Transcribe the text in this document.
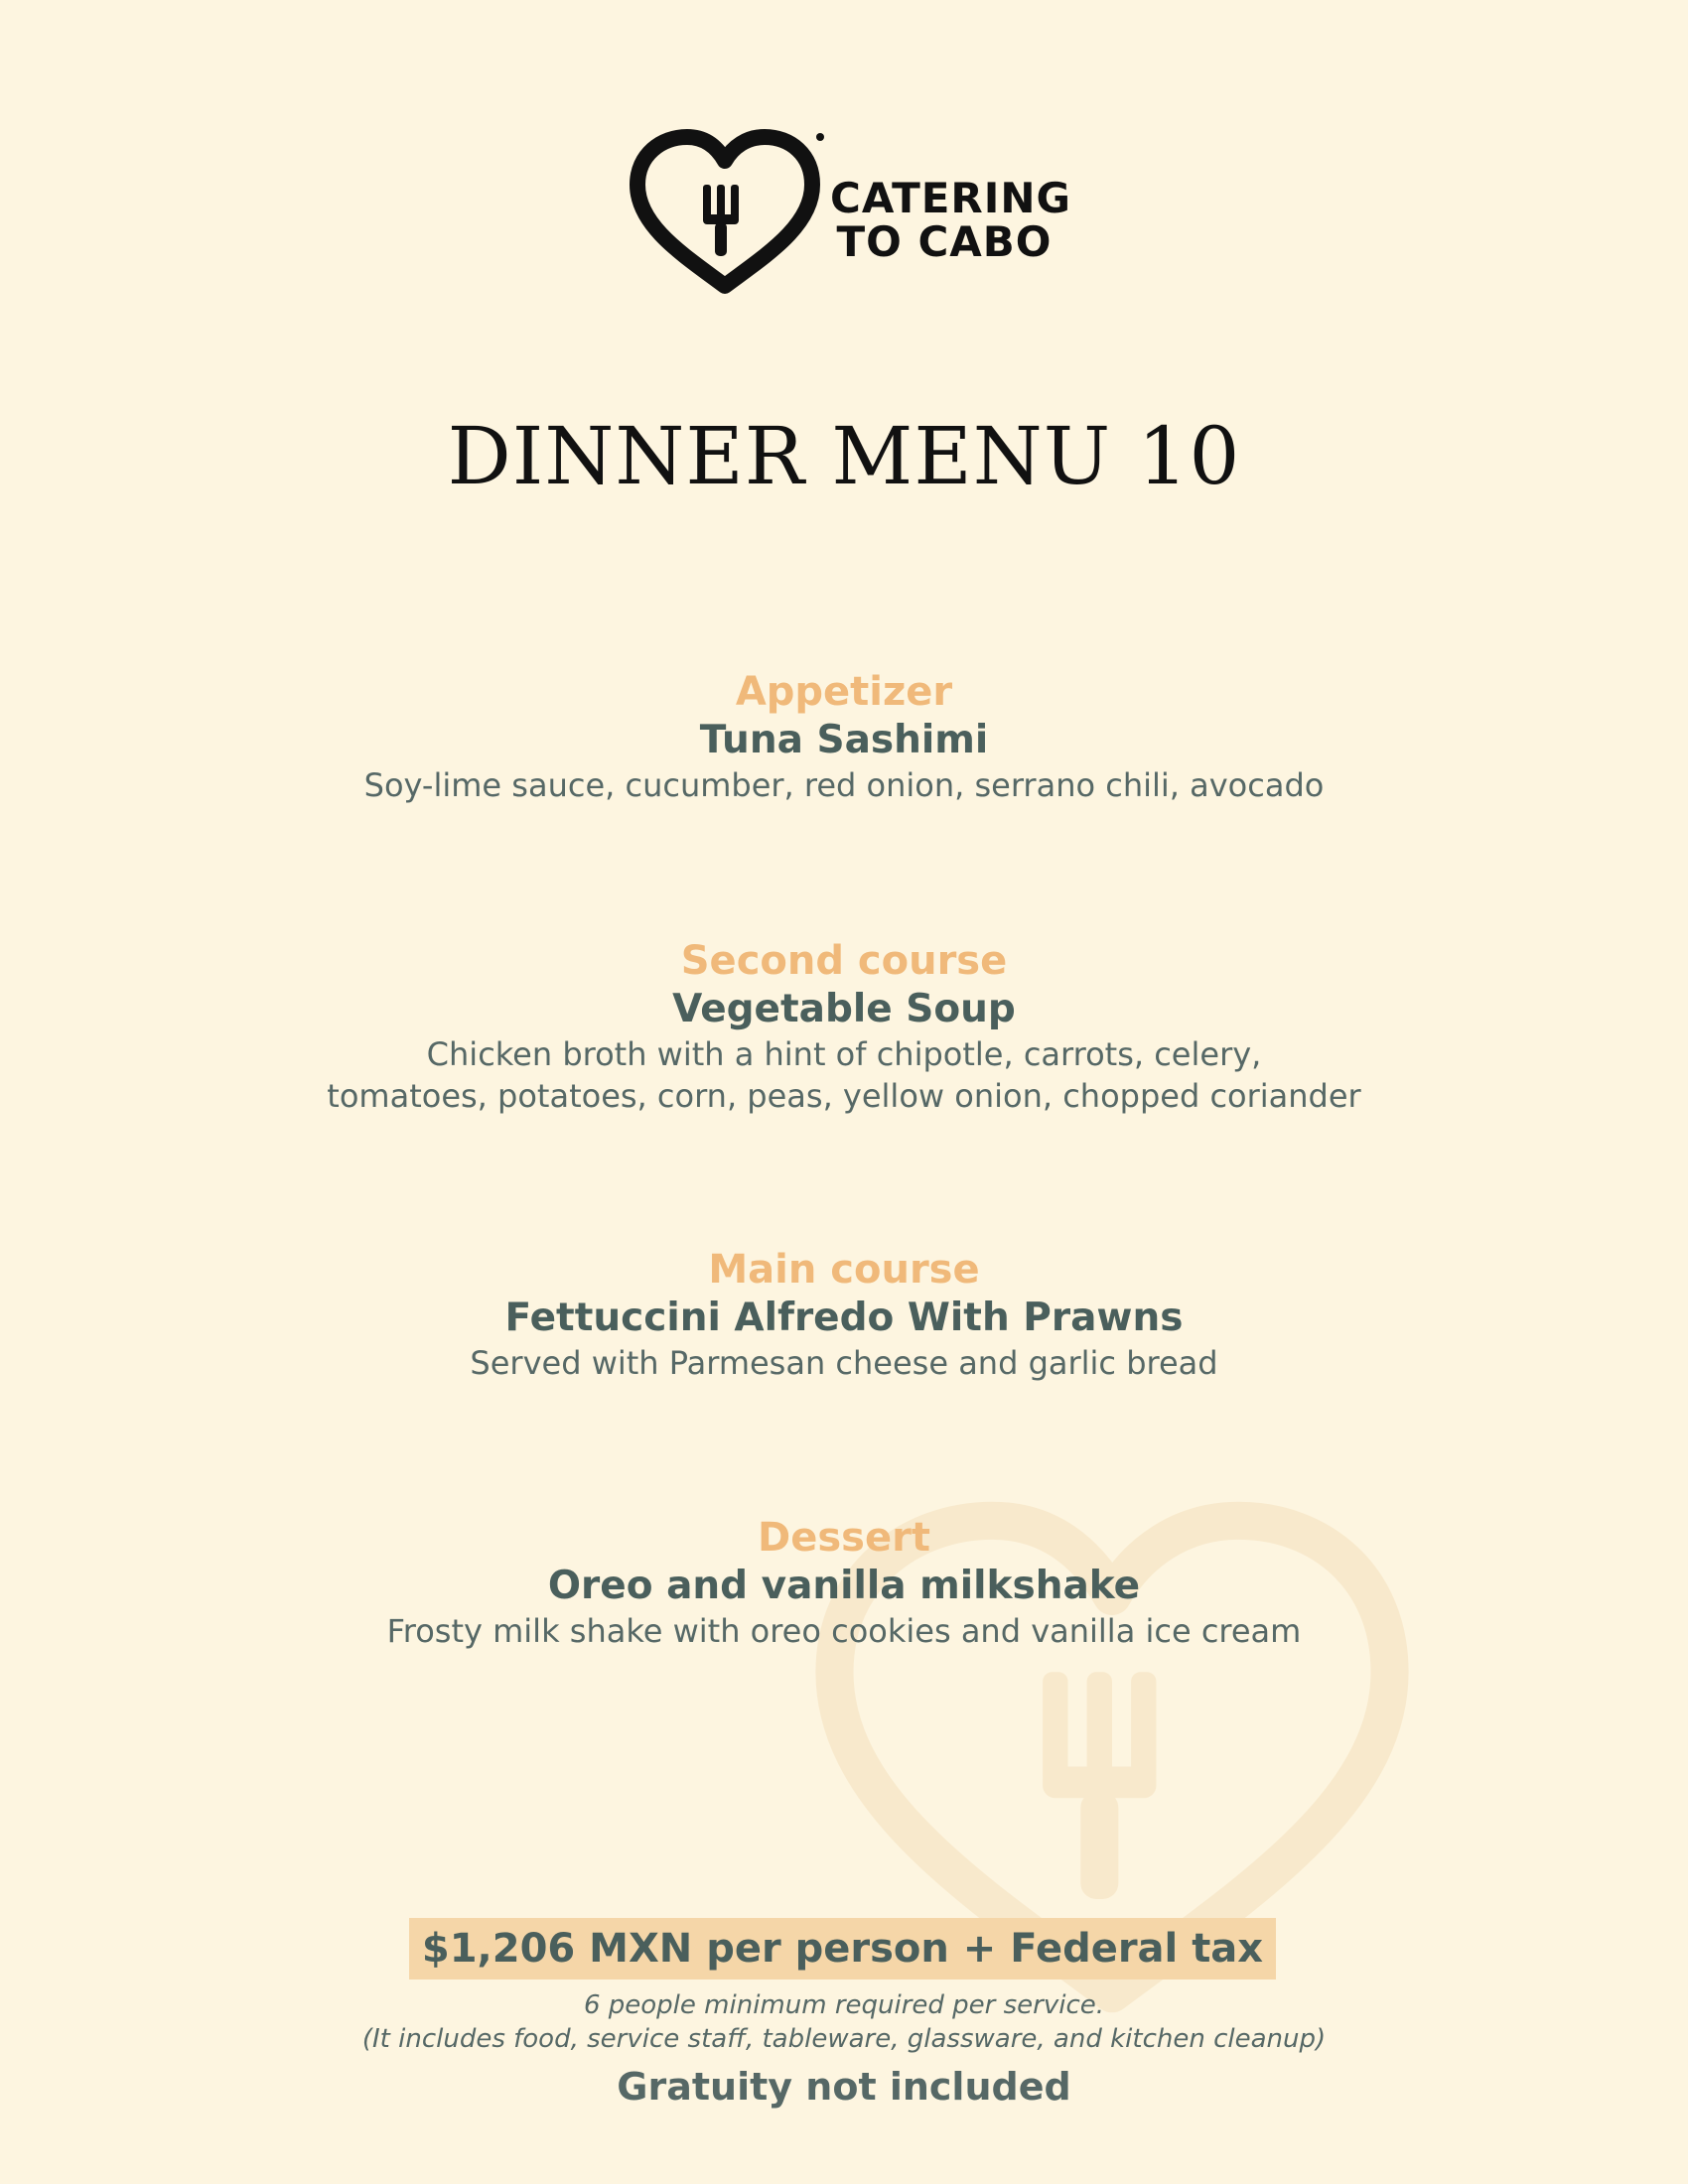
CATERING
TO CABO
DINNER MENU 10
Appetizer
Tuna Sashimi
Soy-lime sauce, cucumber, red onion, serrano chili, avocado
Second course
Vegetable Soup
Chicken broth with a hint of chipotle, carrots, celery,
tomatoes, potatoes, corn, peas, yellow onion, chopped coriander
Main course
Fettuccini Alfredo With Prawns
Served with Parmesan cheese and garlic bread
Dessert
Oreo and vanilla milkshake
Frosty milk shake with oreo cookies and vanilla ice cream
$1,206 MXN per person + Federal tax
6 people minimum required per service.
(It includes food, service staff, tableware, glassware, and kitchen cleanup)
Gratuity not included
